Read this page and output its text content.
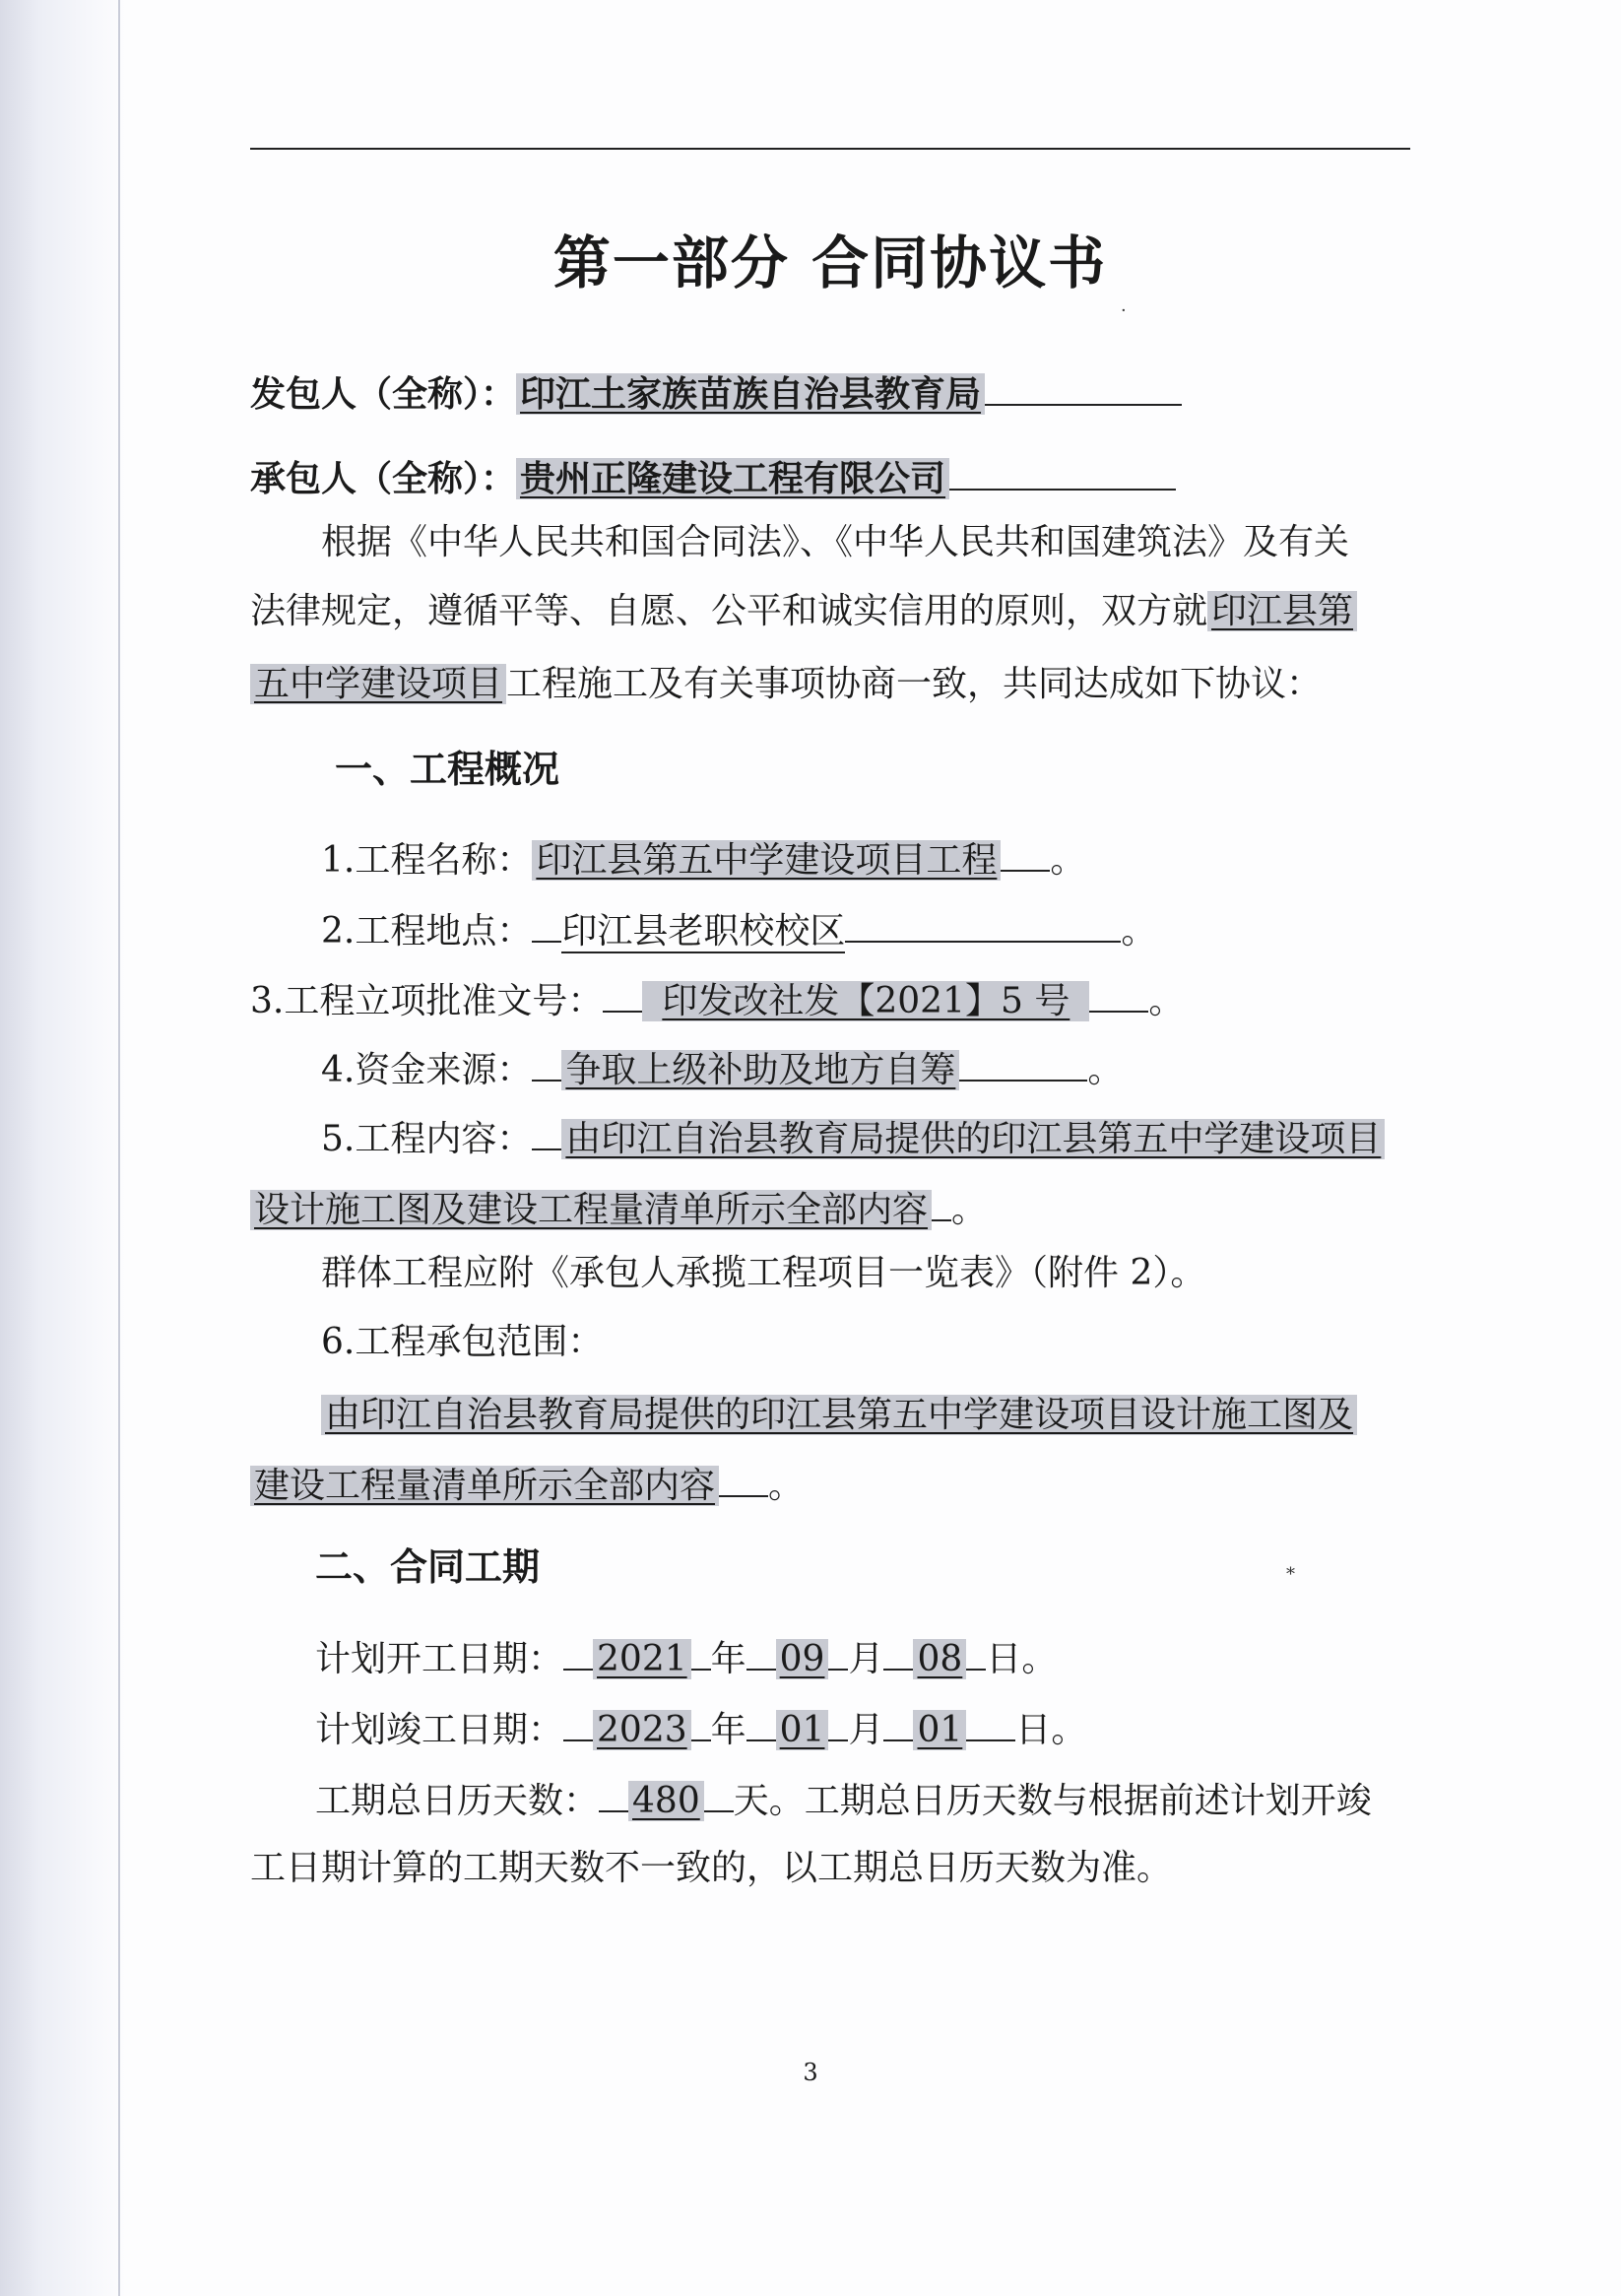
第一部分 合同协议书
发包人（全称）： 印江土家族苗族自治县教育局
承包人（全称）： 贵州正隆建设工程有限公司
根据《中华人民共和国合同法》、《中华人民共和国建筑法》及有关
法律规定，遵循平等、自愿、公平和诚实信用的原则，双方就 印江县第
五中学建设项目 工程施工及有关事项协商一致，共同达成如下协议：
一、工程概况
1.工程名称： 印江县第五中学建设项目工程 。
2.工程地点： 印江县老职校校区	。
3.工程立项批准文号： 印发改社发【2021】5 号 。
4.资金来源： 争取上级补助及地方自筹	。
5.工程内容： 由印江自治县教育局提供的印江县第五中学建设项目
设计施工图及建设工程量清单所示全部内容 。
群体工程应附《承包人承揽工程项目一览表》（附件 2）。
6.工程承包范围：
由印江自治县教育局提供的印江县第五中学建设项目设计施工图及
建设工程量清单所示全部内容 。
二、合同工期
计划开工日期： 2021 年 09 月 08 日。
计划竣工日期： 2023 年 01 月 01 日。
工期总日历天数： 480 天。工期总日历天数与根据前述计划开竣
工日期计算的工期天数不一致的，以工期总日历天数为准。
3
·
*
